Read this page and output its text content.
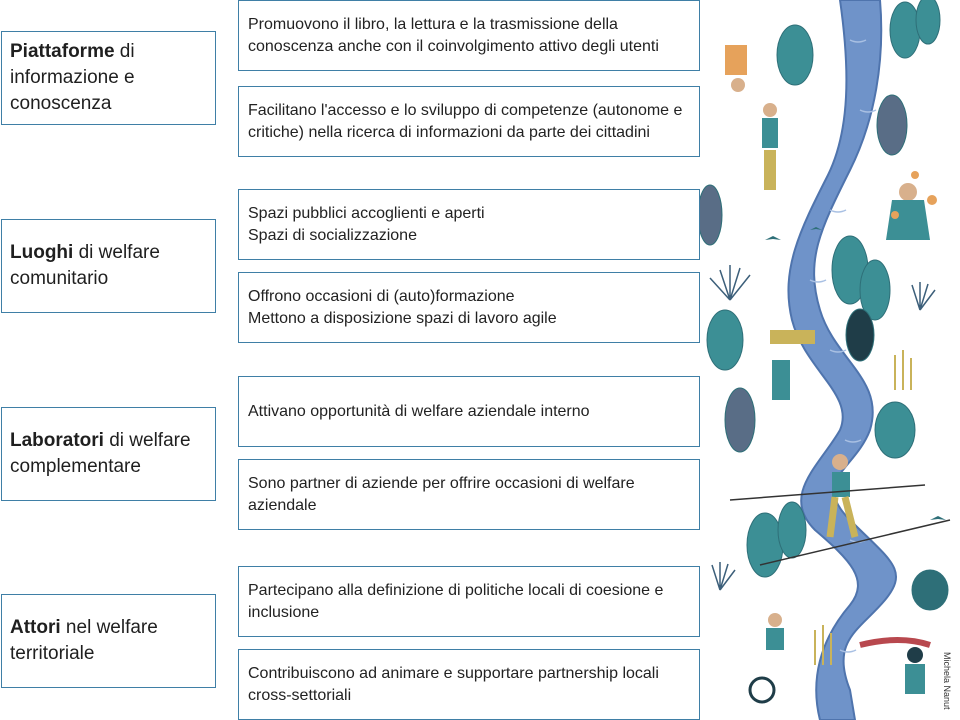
Piattaforme di informazione e conoscenza
Luoghi di welfare comunitario
Laboratori di welfare complementare
Attori nel welfare territoriale
Promuovono il libro, la lettura e la trasmissione della conoscenza anche con il coinvolgimento attivo degli utenti
Facilitano l'accesso e lo sviluppo di competenze (autonome e critiche) nella ricerca di informazioni da parte dei cittadini
Spazi pubblici accoglienti e aperti
Spazi di socializzazione
Offrono occasioni di (auto)formazione
Mettono a disposizione spazi di lavoro agile
Attivano opportunità di welfare aziendale interno
Sono partner di aziende per offrire occasioni di welfare aziendale
Partecipano alla definizione di politiche locali di coesione e inclusione
Contribuiscono ad animare e supportare partnership locali cross-settoriali	Michela Nanut
